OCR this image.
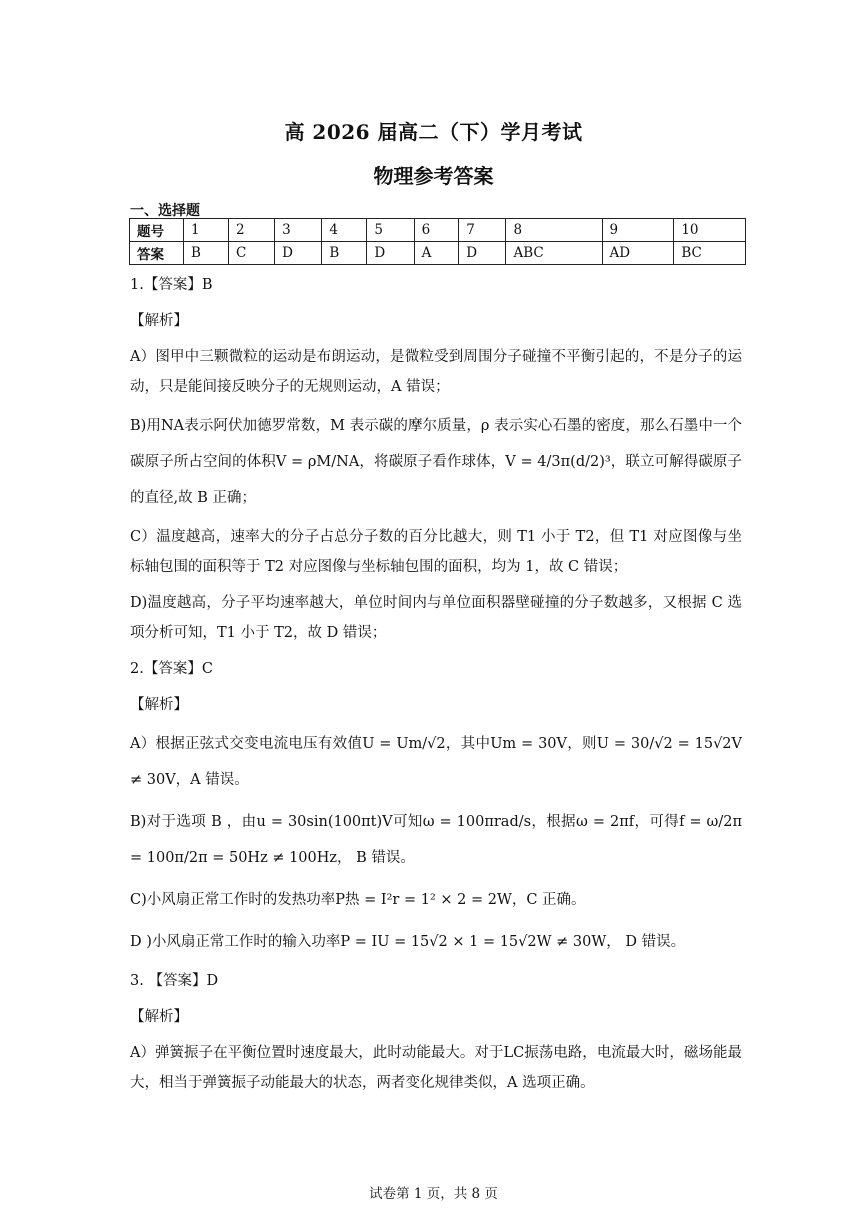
高 2026 届高二（下）学月考试
物理参考答案
一、选择题
题号	1	2	3	4	5	6	7	8	9	10
答案	B	C	D	B	D	A	D	ABC	AD	BC

1.【答案】B

【解析】

A）图甲中三颗微粒的运动是布朗运动，是微粒受到周围分子碰撞不平衡引起的，不是分子的运动，只是能间接反映分子的无规则运动，A 错误；

B)用NA表示阿伏加德罗常数，M 表示碳的摩尔质量，ρ 表示实心石墨的密度，那么石墨中一个碳原子所占空间的体积V = ρM/NA，将碳原子看作球体，V = 4/3π(d/2)³，联立可解得碳原子的直径,故 B 正确；

C）温度越高，速率大的分子占总分子数的百分比越大，则 T1 小于 T2，但 T1 对应图像与坐标轴包围的面积等于 T2 对应图像与坐标轴包围的面积，均为 1，故 C 错误；

D)温度越高，分子平均速率越大，单位时间内与单位面积器壁碰撞的分子数越多，又根据 C 选项分析可知，T1 小于 T2，故 D 错误；

2.【答案】C

【解析】

A）根据正弦式交变电流电压有效值U = Um/√2，其中Um = 30V，则U = 30/√2 = 15√2V ≠ 30V，A 错误。

B)对于选项 B ，由u = 30sin(100πt)V可知ω = 100πrad/s，根据ω = 2πf，可得f = ω/2π = 100π/2π = 50Hz ≠ 100Hz， B 错误。

C)小风扇正常工作时的发热功率P热 = I²r = 1² × 2 = 2W，C 正确。

D )小风扇正常工作时的输入功率P = IU = 15√2 × 1 = 15√2W ≠ 30W， D 错误。

3. 【答案】D

【解析】

A）弹簧振子在平衡位置时速度最大，此时动能最大。对于LC振荡电路，电流最大时，磁场能最大，相当于弹簧振子动能最大的状态，两者变化规律类似，A 选项正确。

试卷第 1 页，共 8 页
